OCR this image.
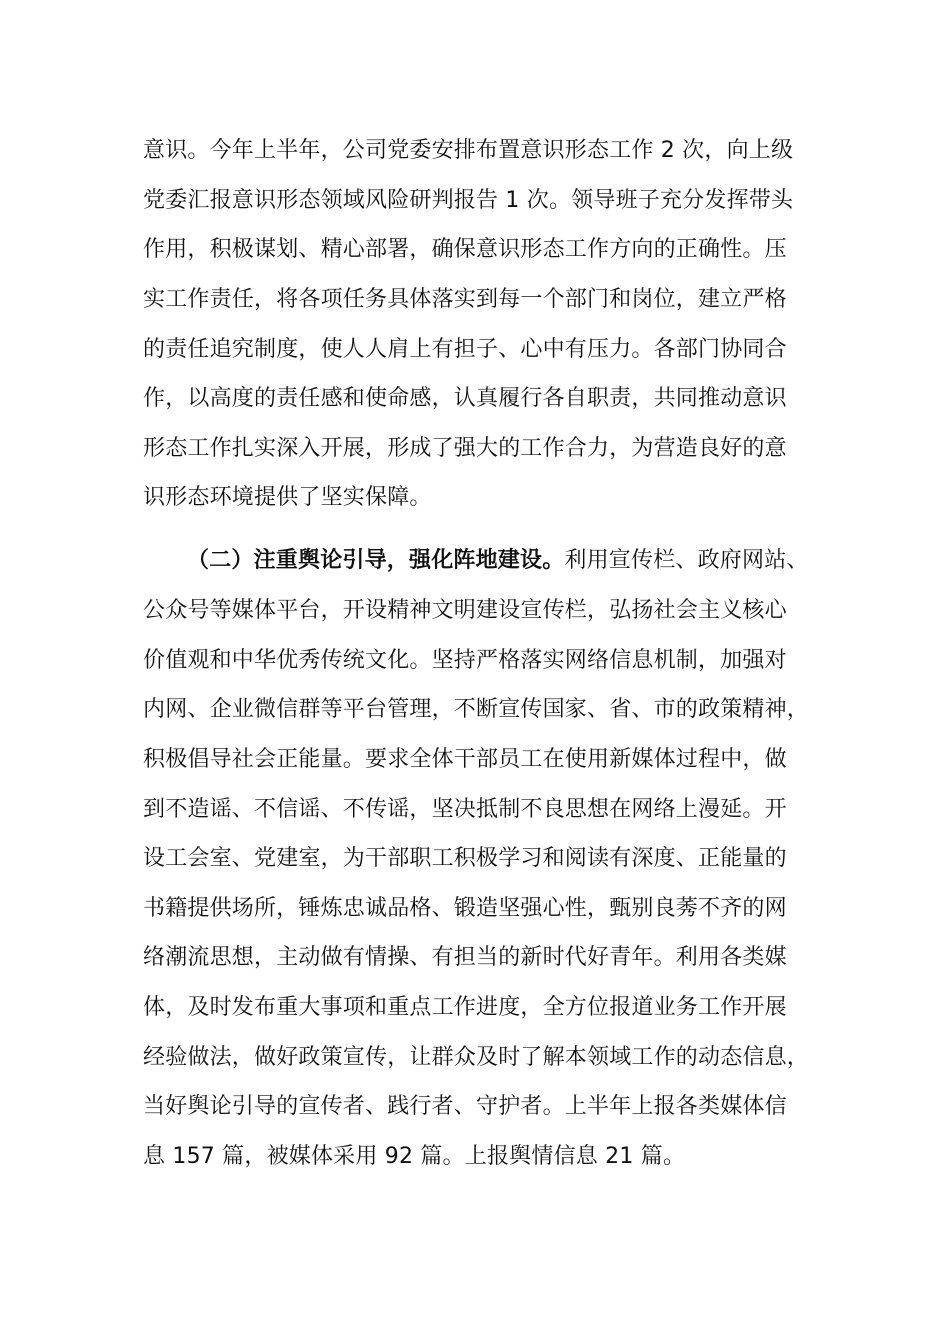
意识。今年上半年，公司党委安排布置意识形态工作 2 次，向上级
党委汇报意识形态领域风险研判报告 1 次。领导班子充分发挥带头
作用，积极谋划、精心部署，确保意识形态工作方向的正确性。压
实工作责任，将各项任务具体落实到每一个部门和岗位，建立严格
的责任追究制度，使人人肩上有担子、心中有压力。各部门协同合
作，以高度的责任感和使命感，认真履行各自职责，共同推动意识
形态工作扎实深入开展，形成了强大的工作合力，为营造良好的意
识形态环境提供了坚实保障。
（二）注重舆论引导，强化阵地建设。利用宣传栏、政府网站、
公众号等媒体平台，开设精神文明建设宣传栏，弘扬社会主义核心
价值观和中华优秀传统文化。坚持严格落实网络信息机制，加强对
内网、企业微信群等平台管理，不断宣传国家、省、市的政策精神，
积极倡导社会正能量。要求全体干部员工在使用新媒体过程中，做
到不造谣、不信谣、不传谣，坚决抵制不良思想在网络上漫延。开
设工会室、党建室，为干部职工积极学习和阅读有深度、正能量的
书籍提供场所，锤炼忠诚品格、锻造坚强心性，甄别良莠不齐的网
络潮流思想，主动做有情操、有担当的新时代好青年。利用各类媒
体，及时发布重大事项和重点工作进度，全方位报道业务工作开展
经验做法，做好政策宣传，让群众及时了解本领域工作的动态信息，
当好舆论引导的宣传者、践行者、守护者。上半年上报各类媒体信
息 157 篇，被媒体采用 92 篇。上报舆情信息 21 篇。
